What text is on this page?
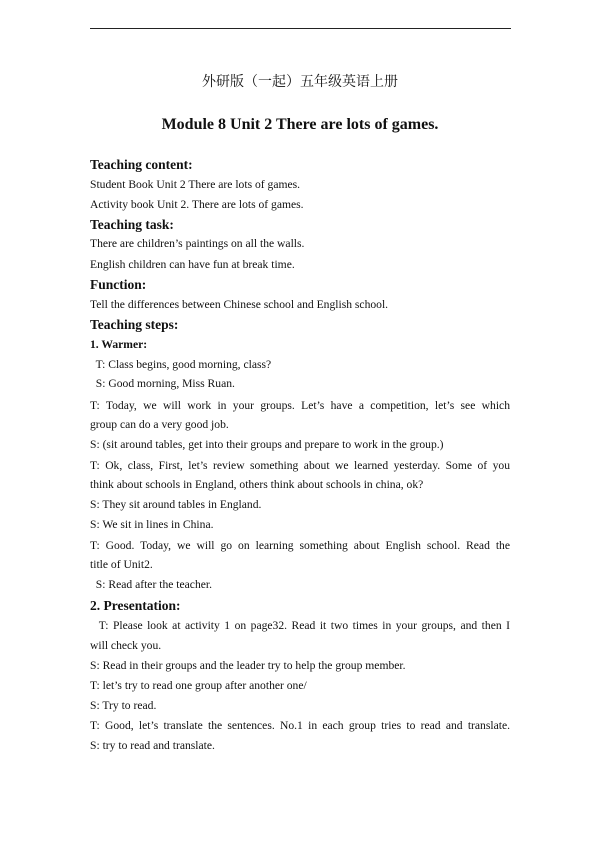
外研版（一起）五年级英语上册
Module 8 Unit 2 There are lots of games.
Teaching content:
Student Book Unit 2 There are lots of games.
Activity book Unit 2. There are lots of games.
Teaching task:
There are children’s paintings on all the walls.
English children can have fun at break time.
Function:
Tell the differences between Chinese school and English school.
Teaching steps:
1. Warmer:
T: Class begins, good morning, class?
S: Good morning, Miss Ruan.
T: Today, we will work in your groups. Let’s have a competition, let’s see which
group can do a very good job.
S: (sit around tables, get into their groups and prepare to work in the group.)
T: Ok, class, First, let’s review something about we learned yesterday. Some of you
think about schools in England, others think about schools in china, ok?
S: They sit around tables in England.
S: We sit in lines in China.
T: Good. Today, we will go on learning something about English school. Read the
title of Unit2.
S: Read after the teacher.
2. Presentation:
T: Please look at activity 1 on page32. Read it two times in your groups, and then I
will check you.
S: Read in their groups and the leader try to help the group member.
T: let’s try to read one group after another one/
S: Try to read.
T: Good, let’s translate the sentences. No.1 in each group tries to read and translate.
S: try to read and translate.
